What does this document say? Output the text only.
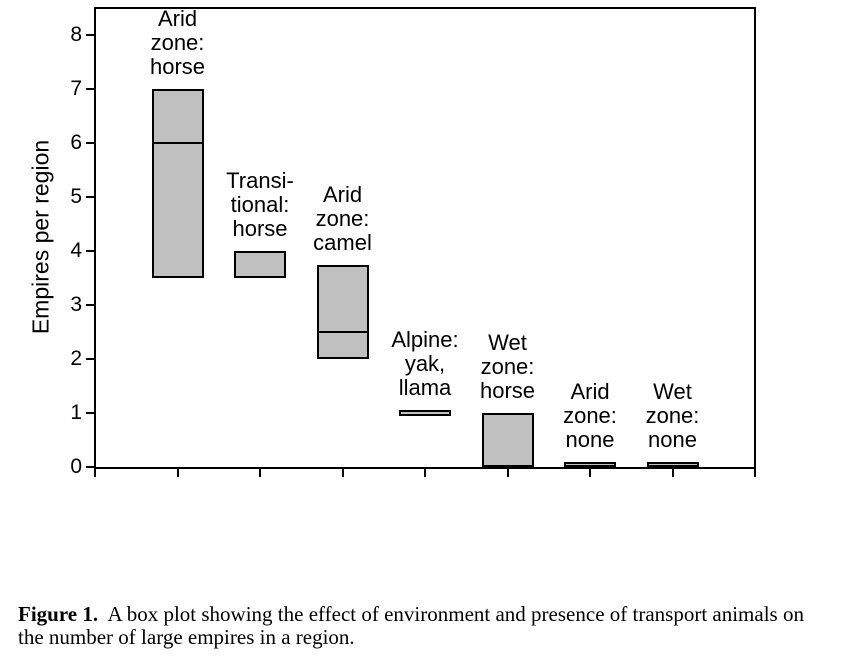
Empires per region
0
1
2
3
4
5
6
7
8
Arid
zone:
horse
Transi-
tional:
horse
Arid
zone:
camel
Alpine:
yak,
llama
Wet
zone:
horse	Arid
zone:
none
Wet
zone:
none
Figure 1.  A box plot showing the effect of environment and presence of transport animals on
the number of large empires in a region.
